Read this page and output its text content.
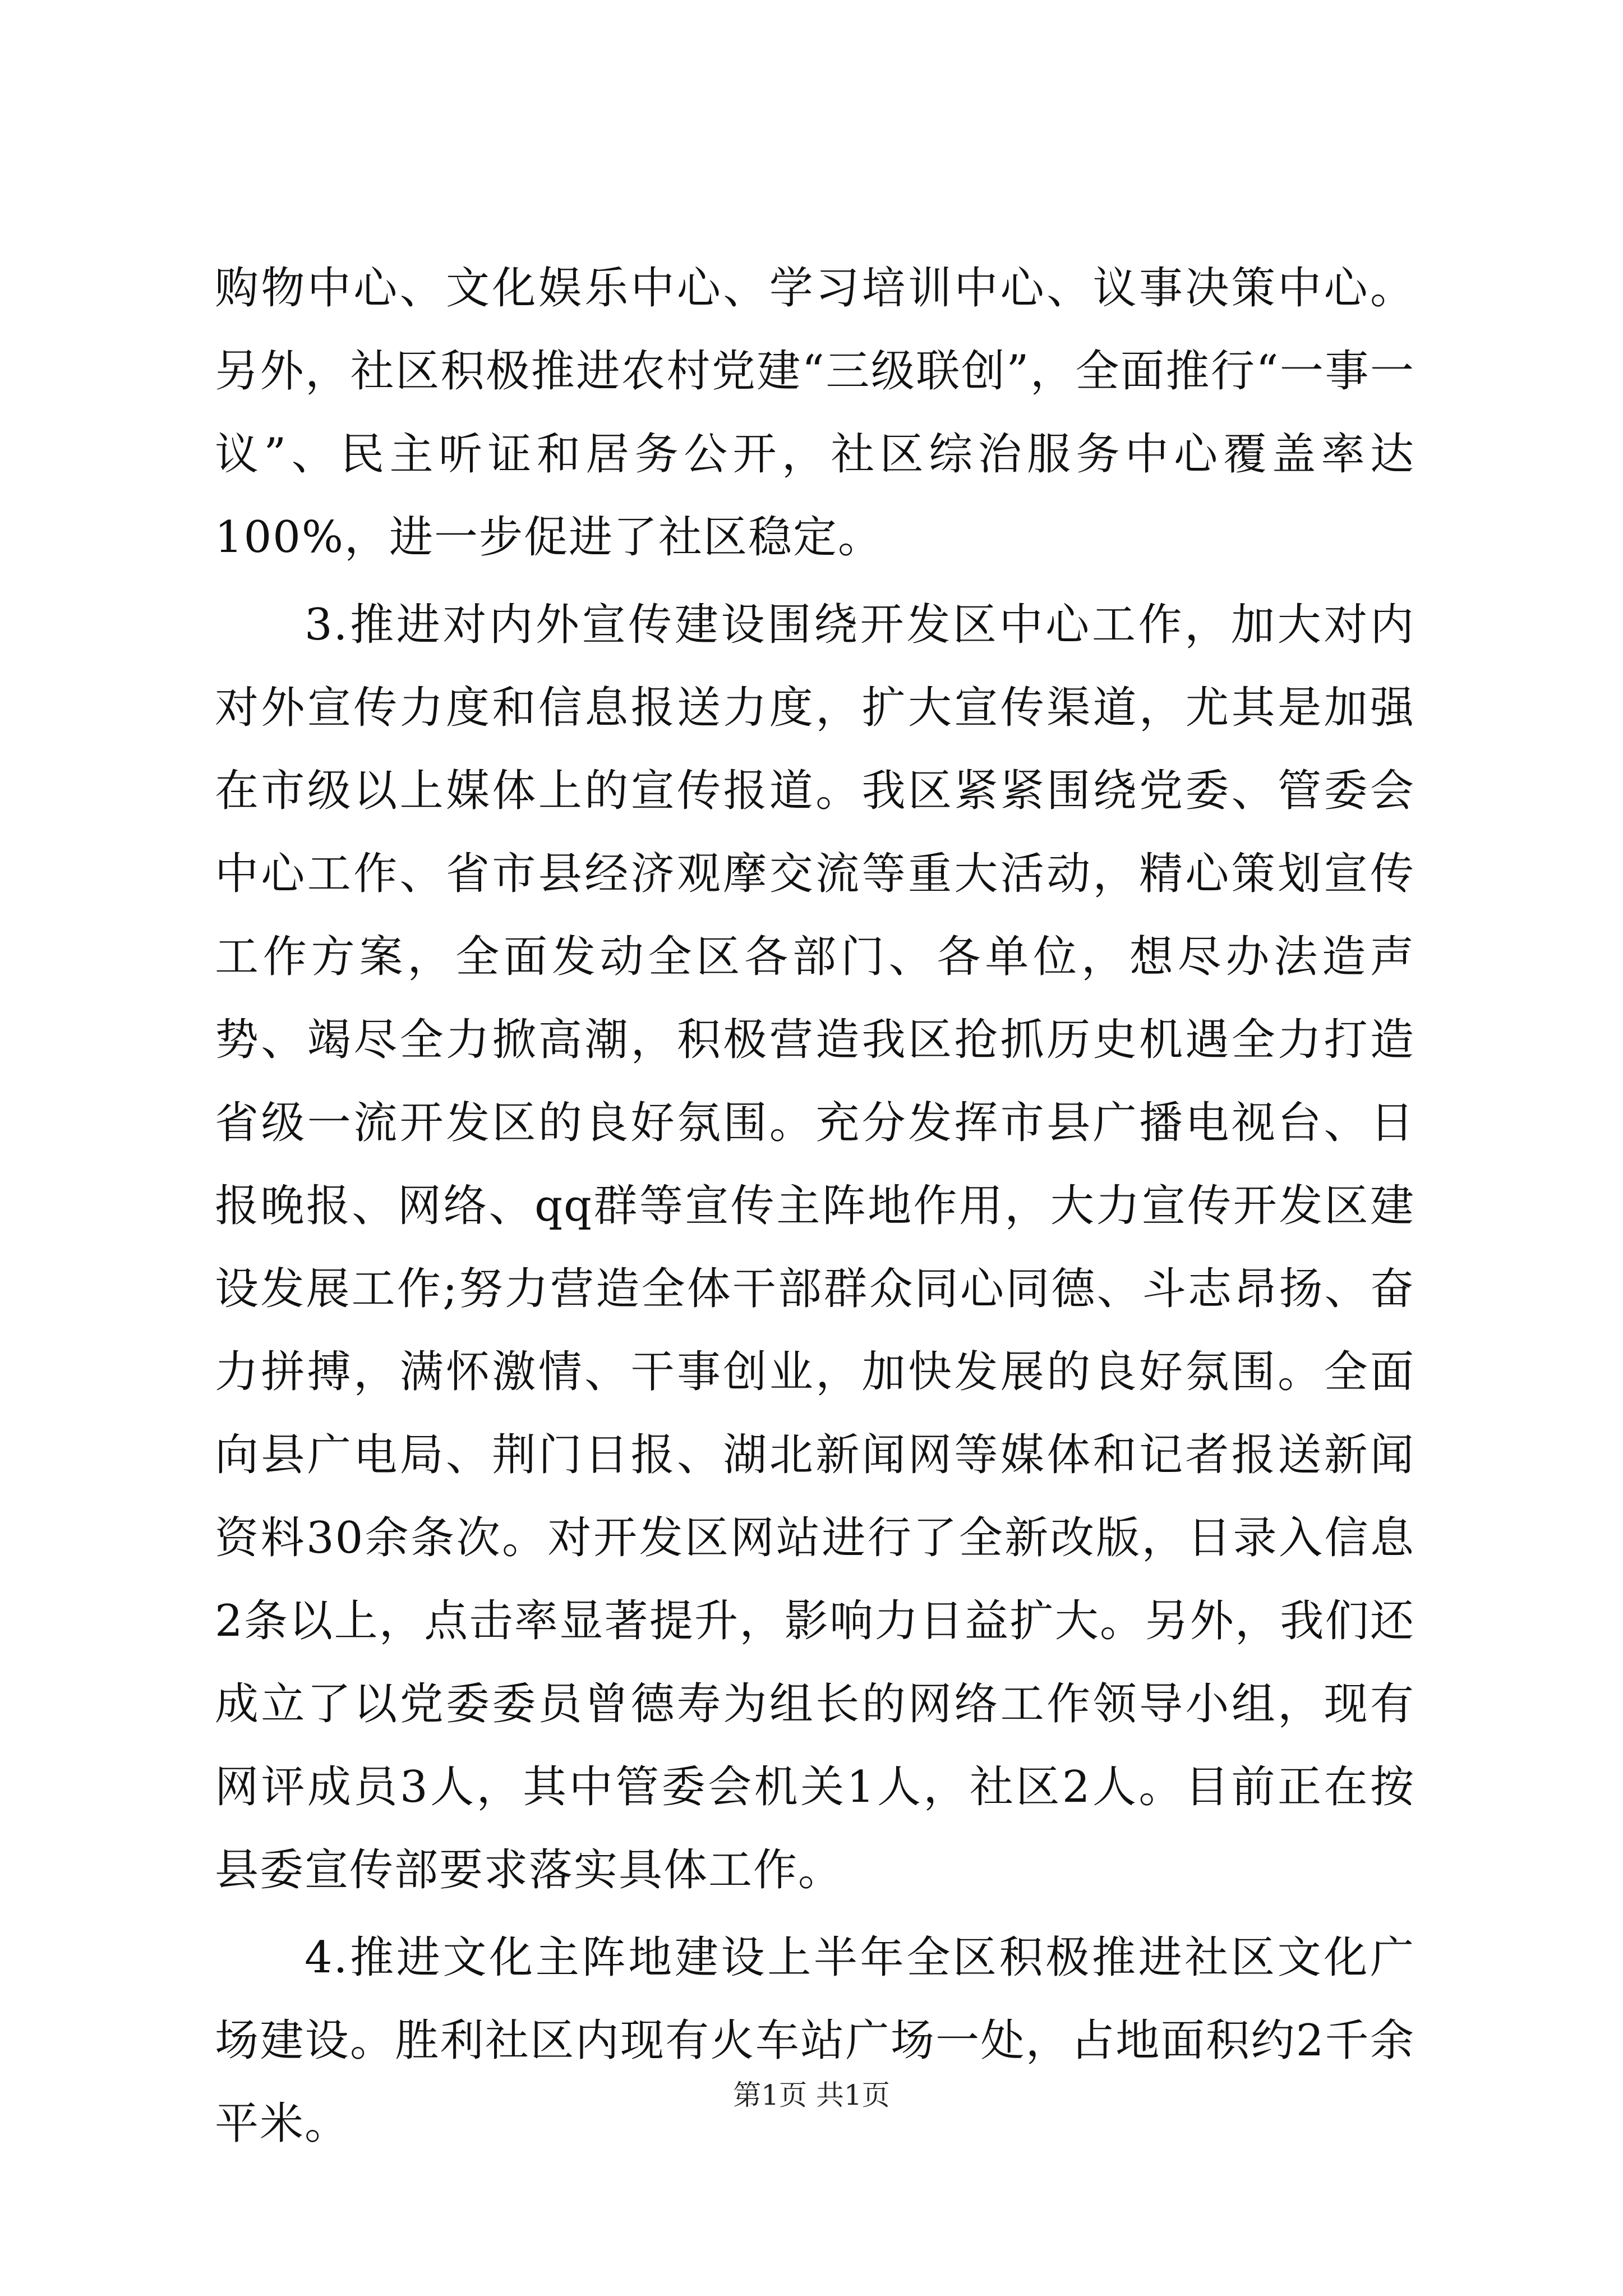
购物中心、文化娱乐中心、学习培训中心、议事决策中心。另外，社区积极推进农村党建“三级联创”，全面推行“一事一议”、民主听证和居务公开，社区综治服务中心覆盖率达100%，进一步促进了社区稳定。

3.推进对内外宣传建设围绕开发区中心工作，加大对内对外宣传力度和信息报送力度，扩大宣传渠道，尤其是加强在市级以上媒体上的宣传报道。我区紧紧围绕党委、管委会中心工作、省市县经济观摩交流等重大活动，精心策划宣传工作方案，全面发动全区各部门、各单位，想尽办法造声势、竭尽全力掀高潮，积极营造我区抢抓历史机遇全力打造省级一流开发区的良好氛围。充分发挥市县广播电视台、日报晚报、网络、qq群等宣传主阵地作用，大力宣传开发区建设发展工作;努力营造全体干部群众同心同德、斗志昂扬、奋力拼搏，满怀激情、干事创业，加快发展的良好氛围。全面向县广电局、荆门日报、湖北新闻网等媒体和记者报送新闻资料30余条次。对开发区网站进行了全新改版，日录入信息2条以上，点击率显著提升，影响力日益扩大。另外，我们还成立了以党委委员曾德寿为组长的网络工作领导小组，现有网评成员3人，其中管委会机关1人，社区2人。目前正在按县委宣传部要求落实具体工作。

4.推进文化主阵地建设上半年全区积极推进社区文化广场建设。胜利社区内现有火车站广场一处，占地面积约2千余平米。

第1页 共1页
